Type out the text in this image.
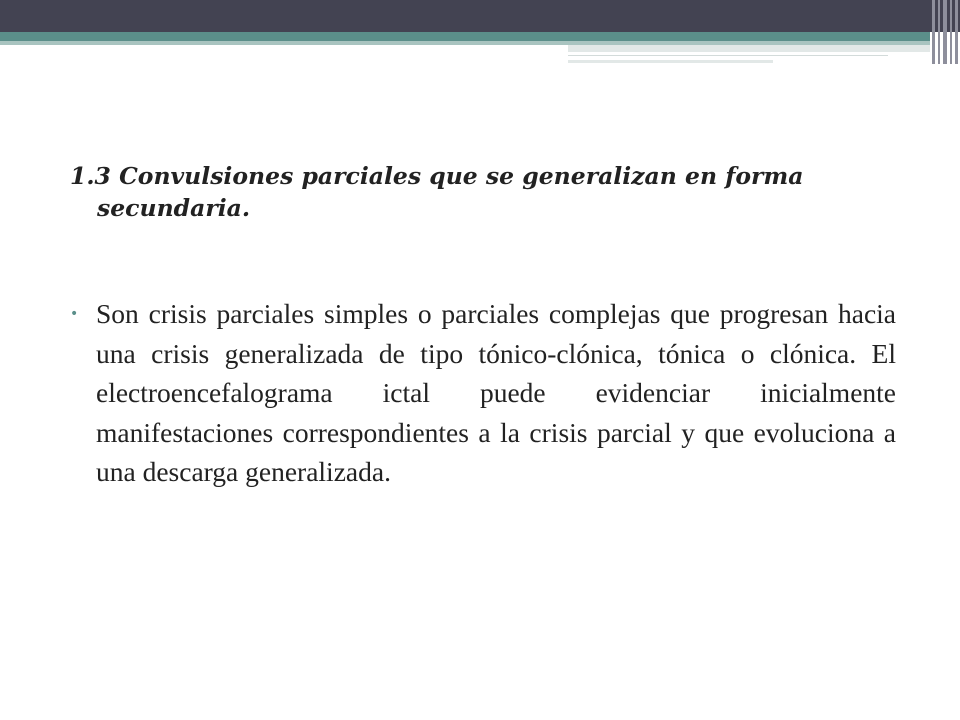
1.3 Convulsiones parciales que se generalizan en forma secundaria.

• Son crisis parciales simples o parciales complejas que progresan hacia una crisis generalizada de tipo tónico-clónica, tónica o clónica. El electroencefalograma ictal puede evidenciar inicialmente manifestaciones correspondientes a la crisis parcial y que evoluciona a una descarga generalizada.
